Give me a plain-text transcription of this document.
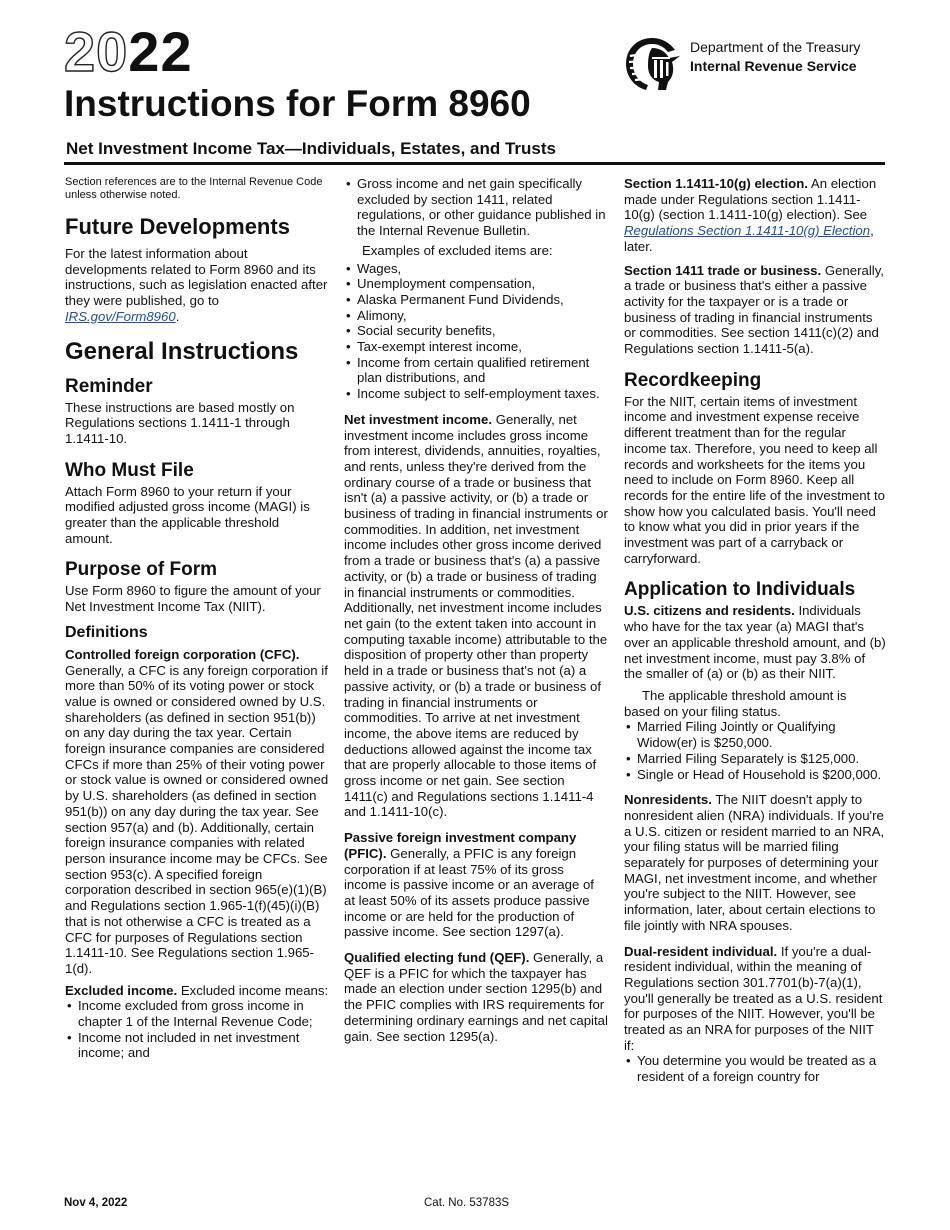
2022
Instructions for Form 8960
Net Investment Income Tax—Individuals, Estates, and Trusts
Department of the Treasury
Internal Revenue Service

Section references are to the Internal Revenue Code unless otherwise noted.

Future Developments

For the latest information about developments related to Form 8960 and its instructions, such as legislation enacted after they were published, go to IRS.gov/Form8960.

General Instructions
Reminder

These instructions are based mostly on Regulations sections 1.1411-1 through 1.1411-10.

Who Must File

Attach Form 8960 to your return if your modified adjusted gross income (MAGI) is greater than the applicable threshold amount.

Purpose of Form

Use Form 8960 to figure the amount of your Net Investment Income Tax (NIIT).

Definitions

Controlled foreign corporation (CFC). Generally, a CFC is any foreign corporation if more than 50% of its voting power or stock value is owned or considered owned by U.S. shareholders (as defined in section 951(b)) on any day during the tax year. Certain foreign insurance companies are considered CFCs if more than 25% of their voting power or stock value is owned or considered owned by U.S. shareholders (as defined in section 951(b)) on any day during the tax year. See section 957(a) and (b). Additionally, certain foreign insurance companies with related person insurance income may be CFCs. See section 953(c). A specified foreign corporation described in section 965(e)(1)(B) and Regulations section 1.965-1(f)(45)(i)(B) that is not otherwise a CFC is treated as a CFC for purposes of Regulations section 1.1411-10. See Regulations section 1.965-1(d).

Excluded income. Excluded income means:

• Income excluded from gross income in chapter 1 of the Internal Revenue Code;
• Income not included in net investment income; and
• Gross income and net gain specifically excluded by section 1411, related regulations, or other guidance published in the Internal Revenue Bulletin.

Examples of excluded items are:

• Wages,
• Unemployment compensation,
• Alaska Permanent Fund Dividends,
• Alimony,
• Social security benefits,
• Tax-exempt interest income,
• Income from certain qualified retirement plan distributions, and
• Income subject to self-employment taxes.

Net investment income. Generally, net investment income includes gross income from interest, dividends, annuities, royalties, and rents, unless they're derived from the ordinary course of a trade or business that isn't (a) a passive activity, or (b) a trade or business of trading in financial instruments or commodities. In addition, net investment income includes other gross income derived from a trade or business that's (a) a passive activity, or (b) a trade or business of trading in financial instruments or commodities. Additionally, net investment income includes net gain (to the extent taken into account in computing taxable income) attributable to the disposition of property other than property held in a trade or business that's not (a) a passive activity, or (b) a trade or business of trading in financial instruments or commodities. To arrive at net investment income, the above items are reduced by deductions allowed against the income tax that are properly allocable to those items of gross income or net gain. See section 1411(c) and Regulations sections 1.1411-4 and 1.1411-10(c).

Passive foreign investment company (PFIC). Generally, a PFIC is any foreign corporation if at least 75% of its gross income is passive income or an average of at least 50% of its assets produce passive income or are held for the production of passive income. See section 1297(a).

Qualified electing fund (QEF). Generally, a QEF is a PFIC for which the taxpayer has made an election under section 1295(b) and the PFIC complies with IRS requirements for determining ordinary earnings and net capital gain. See section 1295(a).

Section 1.1411-10(g) election. An election made under Regulations section 1.1411-10(g) (section 1.1411-10(g) election). See Regulations Section 1.1411-10(g) Election, later.

Section 1411 trade or business. Generally, a trade or business that's either a passive activity for the taxpayer or is a trade or business of trading in financial instruments or commodities. See section 1411(c)(2) and Regulations section 1.1411-5(a).

Recordkeeping

For the NIIT, certain items of investment income and investment expense receive different treatment than for the regular income tax. Therefore, you need to keep all records and worksheets for the items you need to include on Form 8960. Keep all records for the entire life of the investment to show how you calculated basis. You'll need to know what you did in prior years if the investment was part of a carryback or carryforward.

Application to Individuals

U.S. citizens and residents. Individuals who have for the tax year (a) MAGI that's over an applicable threshold amount, and (b) net investment income, must pay 3.8% of the smaller of (a) or (b) as their NIIT.

The applicable threshold amount is based on your filing status.

• Married Filing Jointly or Qualifying Widow(er) is $250,000.
• Married Filing Separately is $125,000.
• Single or Head of Household is $200,000.

Nonresidents. The NIIT doesn't apply to nonresident alien (NRA) individuals. If you're a U.S. citizen or resident married to an NRA, your filing status will be married filing separately for purposes of determining your MAGI, net investment income, and whether you're subject to the NIIT. However, see information, later, about certain elections to file jointly with NRA spouses.

Dual-resident individual. If you're a dual-resident individual, within the meaning of Regulations section 301.7701(b)-7(a)(1), you'll generally be treated as a U.S. resident for purposes of the NIIT. However, you'll be treated as an NRA for purposes of the NIIT if:

• You determine you would be treated as a resident of a foreign country for
Nov 4, 2022	Cat. No. 53783S
